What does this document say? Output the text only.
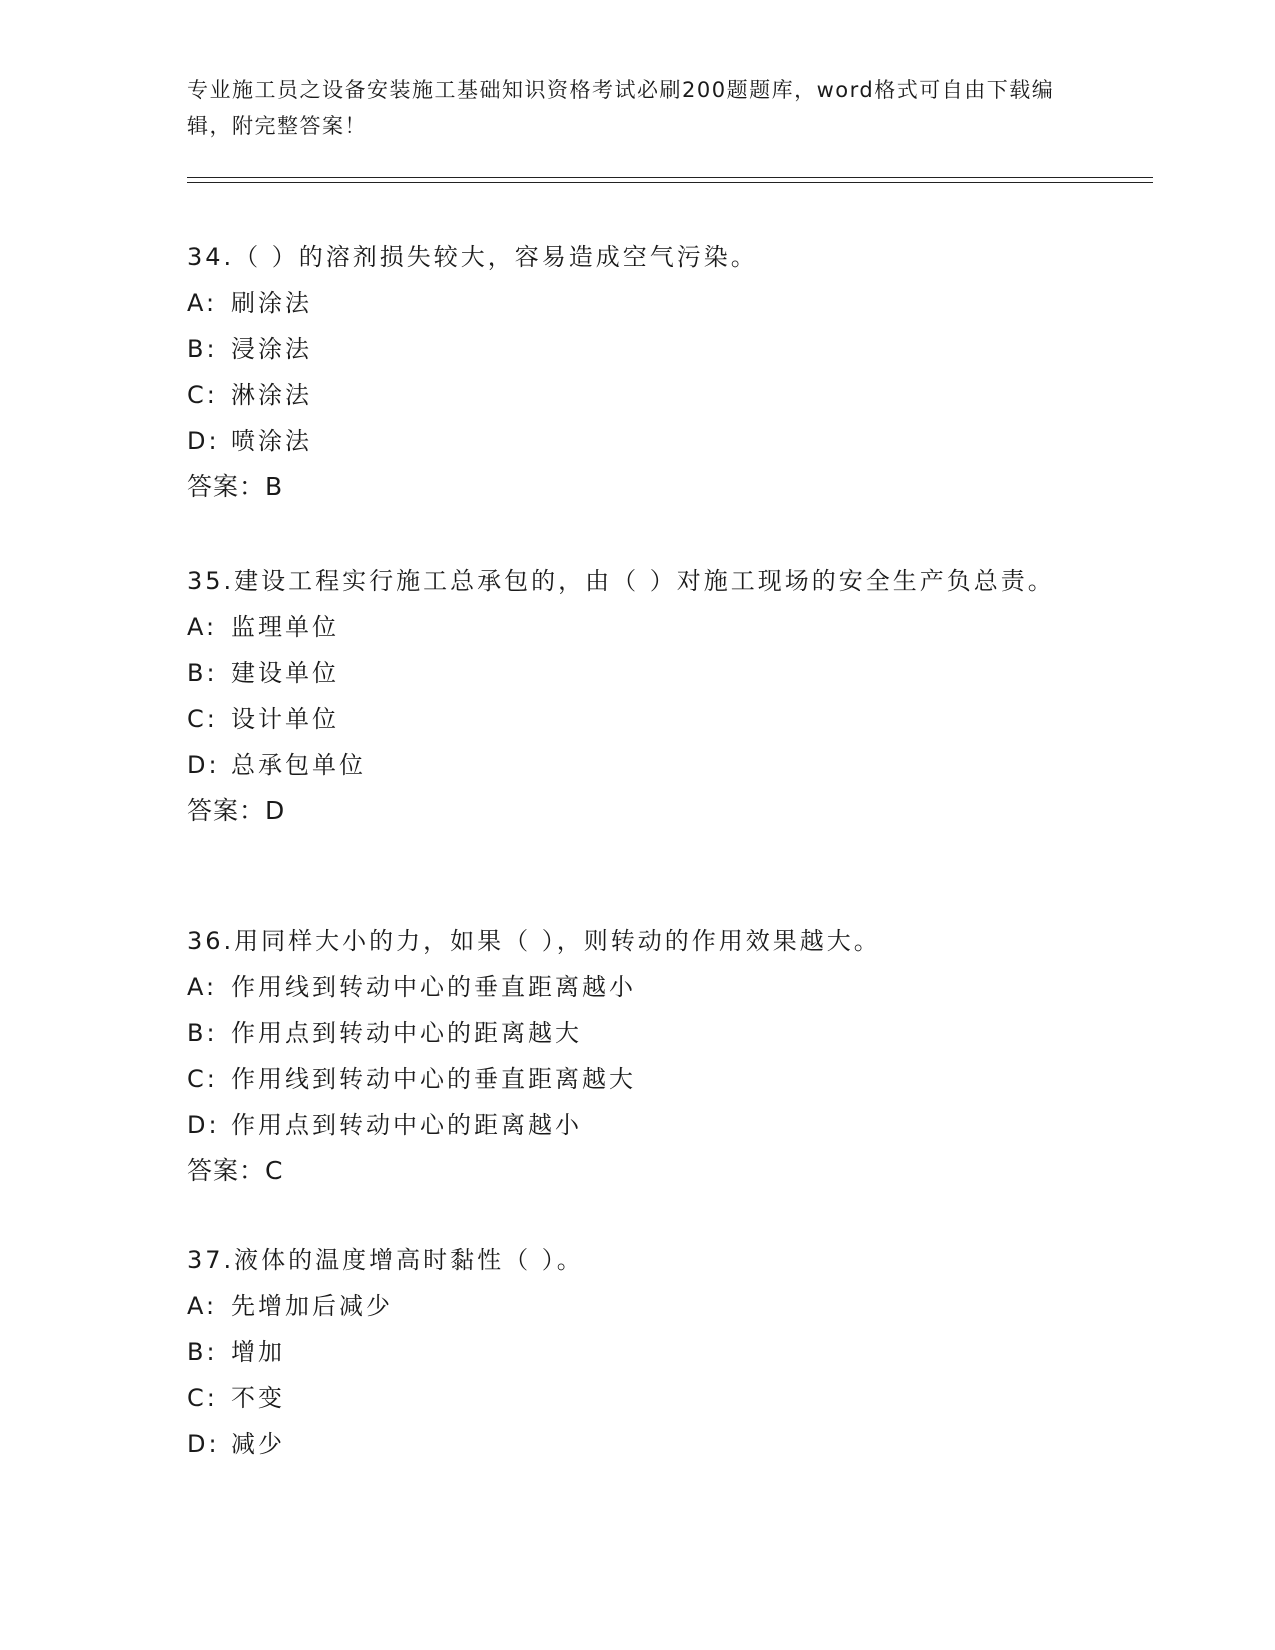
专业施工员之设备安装施工基础知识资格考试必刷200题题库，word格式可自由下载编辑，附完整答案！

34.（ ）的溶剂损失较大，容易造成空气污染。

A: 刷涂法
B: 浸涂法
C: 淋涂法
D: 喷涂法
答案：B

35.建设工程实行施工总承包的，由（ ）对施工现场的安全生产负总责。

A: 监理单位
B: 建设单位
C: 设计单位
D: 总承包单位
答案：D

36.用同样大小的力，如果（ ），则转动的作用效果越大。

A: 作用线到转动中心的垂直距离越小
B: 作用点到转动中心的距离越大
C: 作用线到转动中心的垂直距离越大
D: 作用点到转动中心的距离越小
答案：C

37.液体的温度增高时黏性（ ）。

A: 先增加后减少
B: 增加
C: 不变
D: 减少
